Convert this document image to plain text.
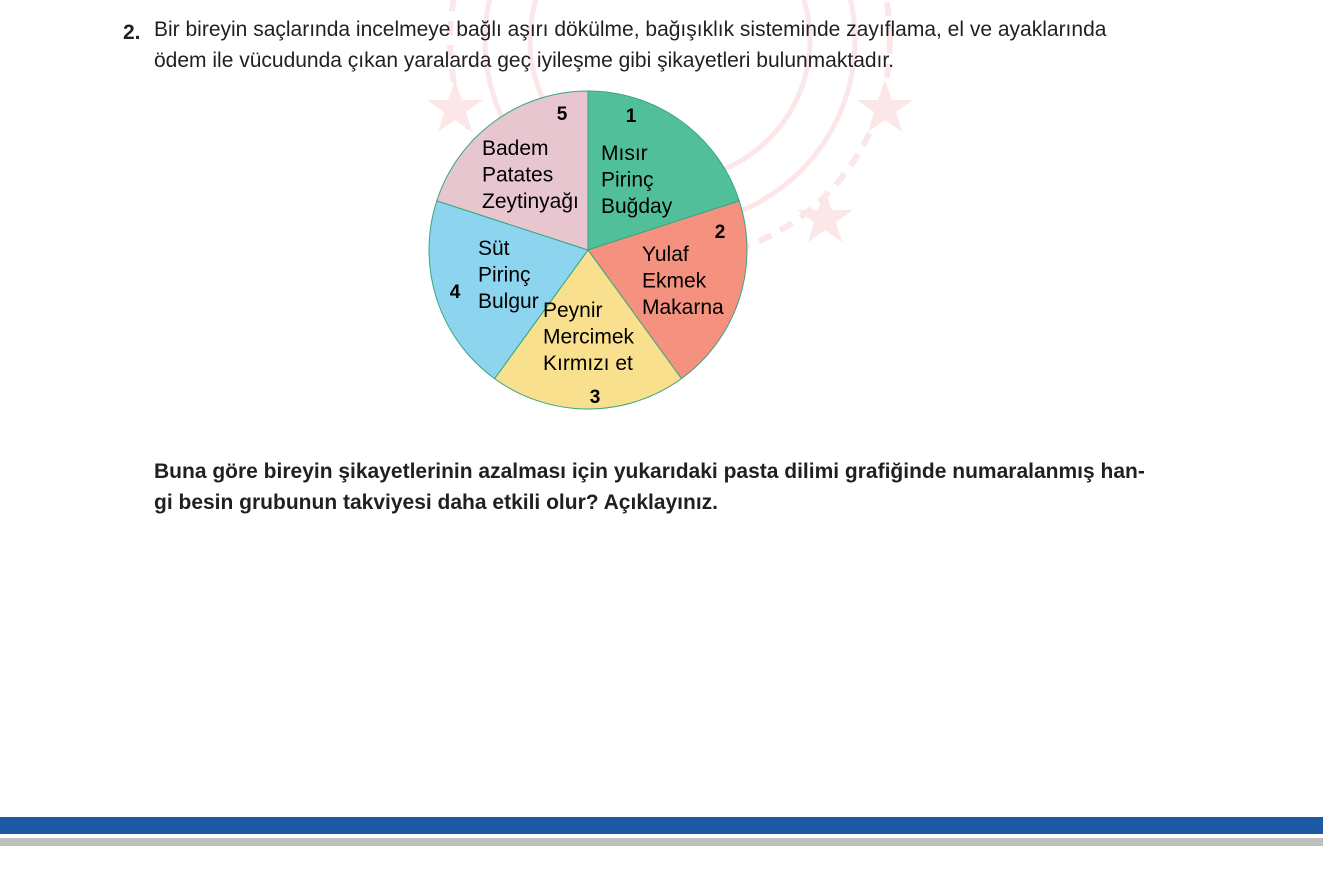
2. Bir bireyin saçlarında incelmeye bağlı aşırı dökülme, bağışıklık sisteminde zayıflama, el ve ayaklarında
ödem ile vücudunda çıkan yaralarda geç iyileşme gibi şikayetleri bulunmaktadır.
1
Mısır
Pirinç
Buğday
2
Yulaf
Ekmek
Makarna
3
Peynir
Mercimek
Kırmızı et
4
Süt
Pirinç
Bulgur
5
Badem
Patates
Zeytinyağı
Buna göre bireyin şikayetlerinin azalması için yukarıdaki pasta dilimi grafiğinde numaralanmış han-
gi besin grubunun takviyesi daha etkili olur? Açıklayınız.
